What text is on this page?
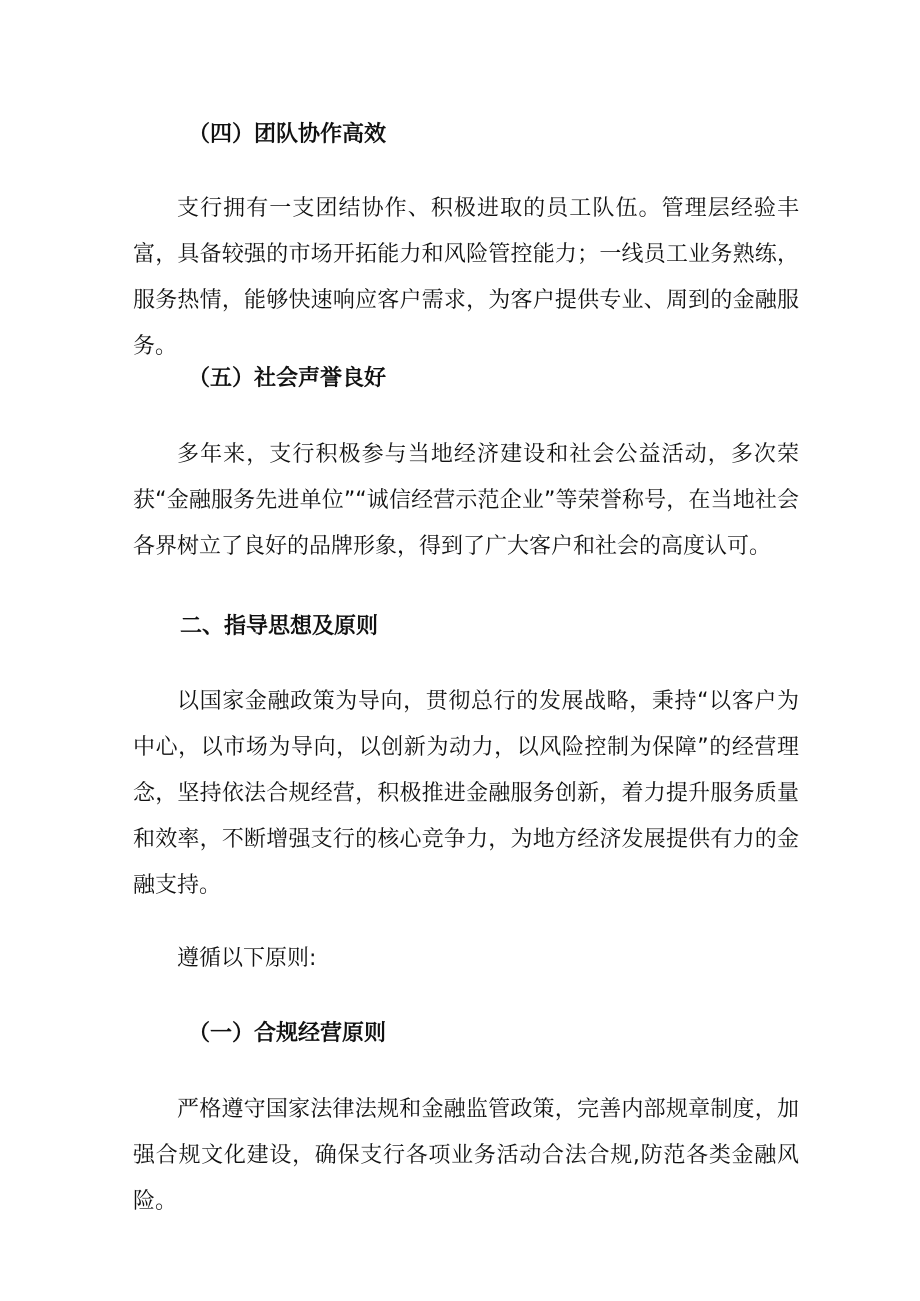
（四）团队协作高效

支行拥有一支团结协作、积极进取的员工队伍。管理层经验丰富，具备较强的市场开拓能力和风险管控能力；一线员工业务熟练，服务热情，能够快速响应客户需求，为客户提供专业、周到的金融服务。

（五）社会声誉良好

多年来，支行积极参与当地经济建设和社会公益活动，多次荣获“金融服务先进单位”“诚信经营示范企业”等荣誉称号，在当地社会各界树立了良好的品牌形象，得到了广大客户和社会的高度认可。

二、指导思想及原则

以国家金融政策为导向，贯彻总行的发展战略，秉持“以客户为中心，以市场为导向，以创新为动力，以风险控制为保障”的经营理念，坚持依法合规经营，积极推进金融服务创新，着力提升服务质量和效率，不断增强支行的核心竞争力，为地方经济发展提供有力的金融支持。

遵循以下原则:

（一）合规经营原则

严格遵守国家法律法规和金融监管政策，完善内部规章制度，加强合规文化建设，确保支行各项业务活动合法合规,防范各类金融风险。
